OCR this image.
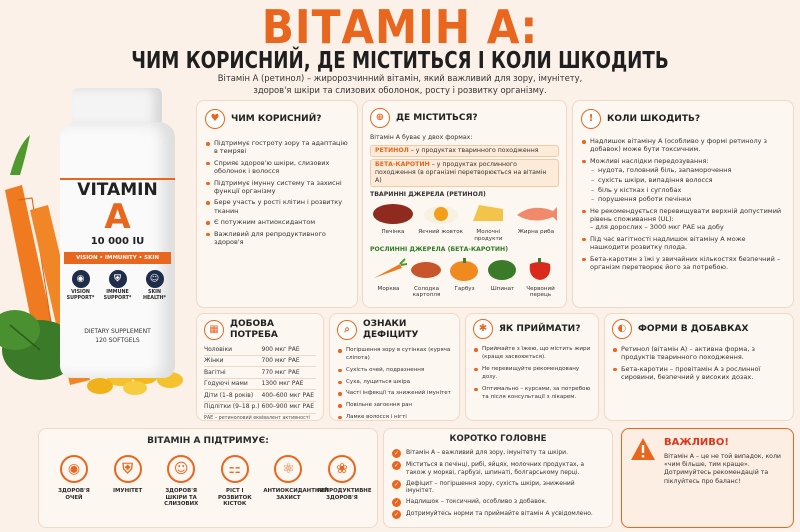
ВІТАМІН А:
ЧИМ КОРИСНИЙ, ДЕ МІСТИТЬСЯ І КОЛИ ШКОДИТЬ
Вітамін А (ретинол) – жиророзчинний вітамін, який важливий для зору, імунітету, здоров'я шкіри та слизових оболонок, росту і розвитку організму.
VITAMIN
A
10 000 IU
VISION • IMMUNITY • SKIN
◉
VISION SUPPORT*
⛨
IMMUNE SUPPORT*
☺
SKIN HEALTH*
DIETARY SUPPLEMENT
120 SOFTGELS
♥	ЧИМ КОРИСНИЙ?
Підтримує гостроту зору та адаптацію в темряві
Сприяє здоров'ю шкіри, слизових оболонок і волосся
Підтримує імунну систему та захисні функції організму
Бере участь у рості клітин і розвитку тканин
Є потужним антиоксидантом
Важливий для репродуктивного здоров'я
⊕	ДЕ МІСТИТЬСЯ?
Вітамін А буває у двох формах:
РЕТИНОЛ – у продуктах тваринного походження
БЕТА-КАРОТИН – у продуктах рослинного походження (в організмі перетворюється на вітамін А)
ТВАРИННІ ДЖЕРЕЛА (РЕТИНОЛ)
Печінка	Яєчний жовток	Молочні продукти
Жирна риба
РОСЛИННІ ДЖЕРЕЛА (БЕТА-КАРОТИН)
Морква	Солодка картопля
Гарбуз	Шпинат	Червоний перець
!	КОЛИ ШКОДИТЬ?
Надлишок вітаміну А (особливо у формі ретинолу з добавок) може бути токсичним.
Можливі наслідки передозування:
– нудота, головний біль, запаморочення
– сухість шкіри, випадіння волосся
– біль у кістках і суглобах
– порушення роботи печінки
Не рекомендується перевищувати верхній допустимий рівень споживання (UL):
– для дорослих – 3000 мкг РАЕ на добу
Під час вагітності надлишок вітаміну А може нашкодити розвитку плода.
Бета-каротин з їжі у звичайних кількостях безпечний – організм перетворює його за потребою.
▦	ДОБОВА ПОТРЕБА
Чоловіки	900 мкг РАЕ
Жінки	700 мкг РАЕ
Вагітні	770 мкг РАЕ
Годуючі мами	1300 мкг РАЕ
Діти (1–8 років)	400–600 мкг РАЕ
Підлітки (9–18 р.)	600–900 мкг РАЕ
РАЕ – ретиноловий еквівалент активності
⌕	ОЗНАКИ ДЕФІЦИТУ
Погіршення зору в сутінках (куряча сліпота)
Сухість очей, подразнення
Суха, лущиться шкіра
Часті інфекції та знижений імунітет
Повільне загоєння ран
Ламке волосся і нігті
✱	ЯК ПРИЙМАТИ?
Приймайте з їжею, що містить жири (краще засвоюється).
Не перевищуйте рекомендовану дозу.
Оптимально – курсами, за потребою та після консультації з лікарем.
◐	ФОРМИ В ДОБАВКАХ
Ретинол (вітамін А) – активна форма, з продуктів тваринного походження.
Бета-каротин – провітамін А з рослинної сировини, безпечний у високих дозах.
ВІТАМІН А ПІДТРИМУЄ:
◉
ЗДОРОВ'Я ОЧЕЙ
⛨
ІМУНІТЕТ
☺
ЗДОРОВ'Я ШКІРИ ТА СЛИЗОВИХ
⚏
РІСТ І РОЗВИТОК КІСТОК
⚛
АНТИОКСИДАНТНИЙ ЗАХИСТ
❀
РЕПРОДУКТИВНЕ ЗДОРОВ'Я
КОРОТКО ГОЛОВНЕ
✓	Вітамін А – важливий для зору, імунітету та шкіри.
✓	Міститься в печінці, рибі, яйцях, молочних продуктах, а також у моркві, гарбузі, шпинаті, болгарському перці.
✓	Дефіцит – погіршення зору, сухість шкіри, знижений імунітет.
✓	Надлишок – токсичний, особливо з добавок.
✓	Дотримуйтесь норми та приймайте вітамін А усвідомлено.
ВАЖЛИВО!
Вітамін А – це не той випадок, коли «чим більше, тим краще». Дотримуйтесь рекомендацій та піклуйтесь про баланс!
